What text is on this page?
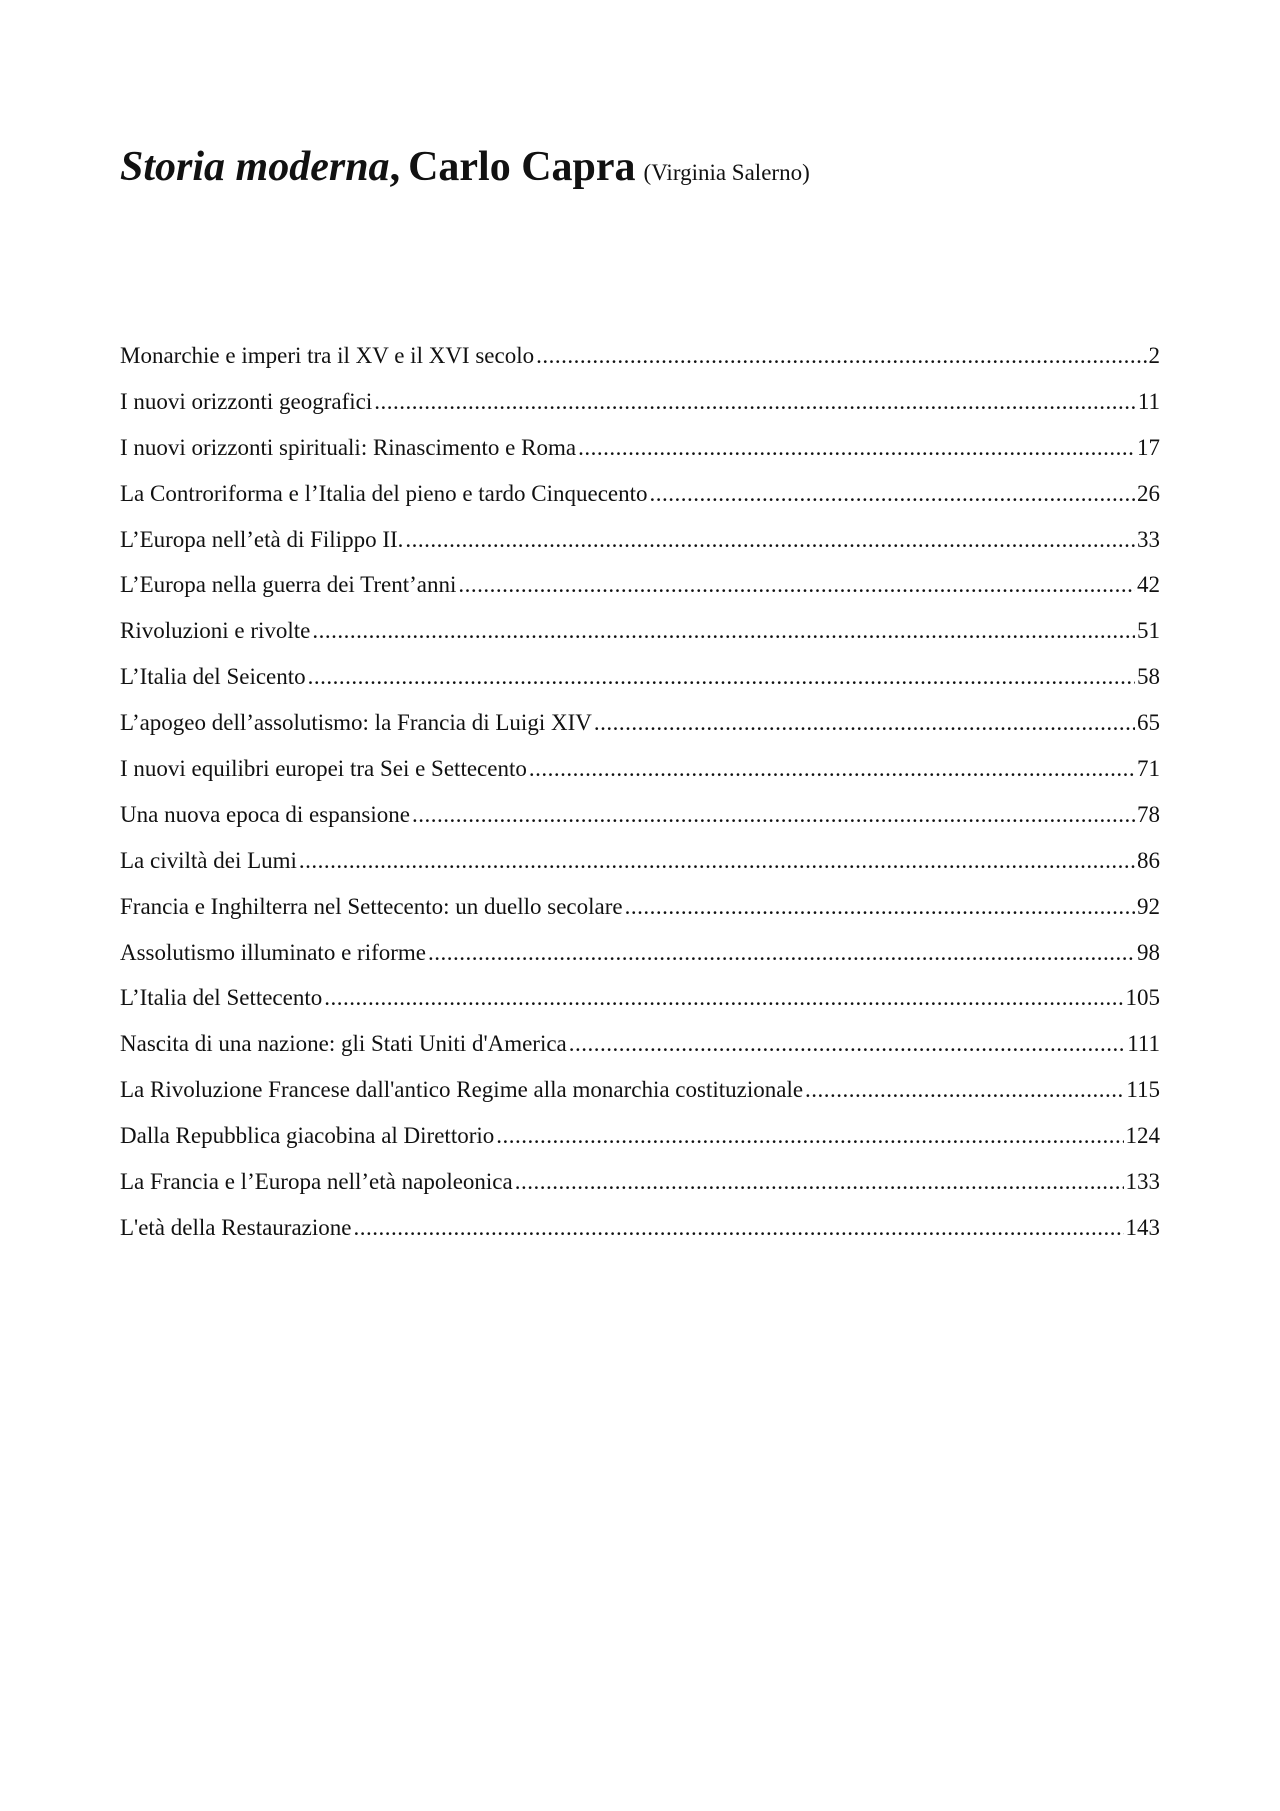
Storia moderna, Carlo Capra (Virginia Salerno)
Monarchie e imperi tra il XV e il XVI secolo .....	2
I nuovi orizzonti geografici .....	11
I nuovi orizzonti spirituali: Rinascimento e Roma .....	17
La Controriforma e l’Italia del pieno e tardo Cinquecento .....	26
L’Europa nell’età di Filippo II. .....	33
L’Europa nella guerra dei Trent’anni .....	42
Rivoluzioni e rivolte .....	51
L’Italia del Seicento .....	58
L’apogeo dell’assolutismo: la Francia di Luigi XIV .....	65
I nuovi equilibri europei tra Sei e Settecento .....	71
Una nuova epoca di espansione .....	78
La civiltà dei Lumi .....	86
Francia e Inghilterra nel Settecento: un duello secolare .....	92
Assolutismo illuminato e riforme .....	98
L’Italia del Settecento .....	105
Nascita di una nazione: gli Stati Uniti d'America .....	111
La Rivoluzione Francese dall'antico Regime alla monarchia costituzionale .....	115
Dalla Repubblica giacobina al Direttorio .....	124
La Francia e l’Europa nell’età napoleonica .....	133
L'età della Restaurazione .....	143
